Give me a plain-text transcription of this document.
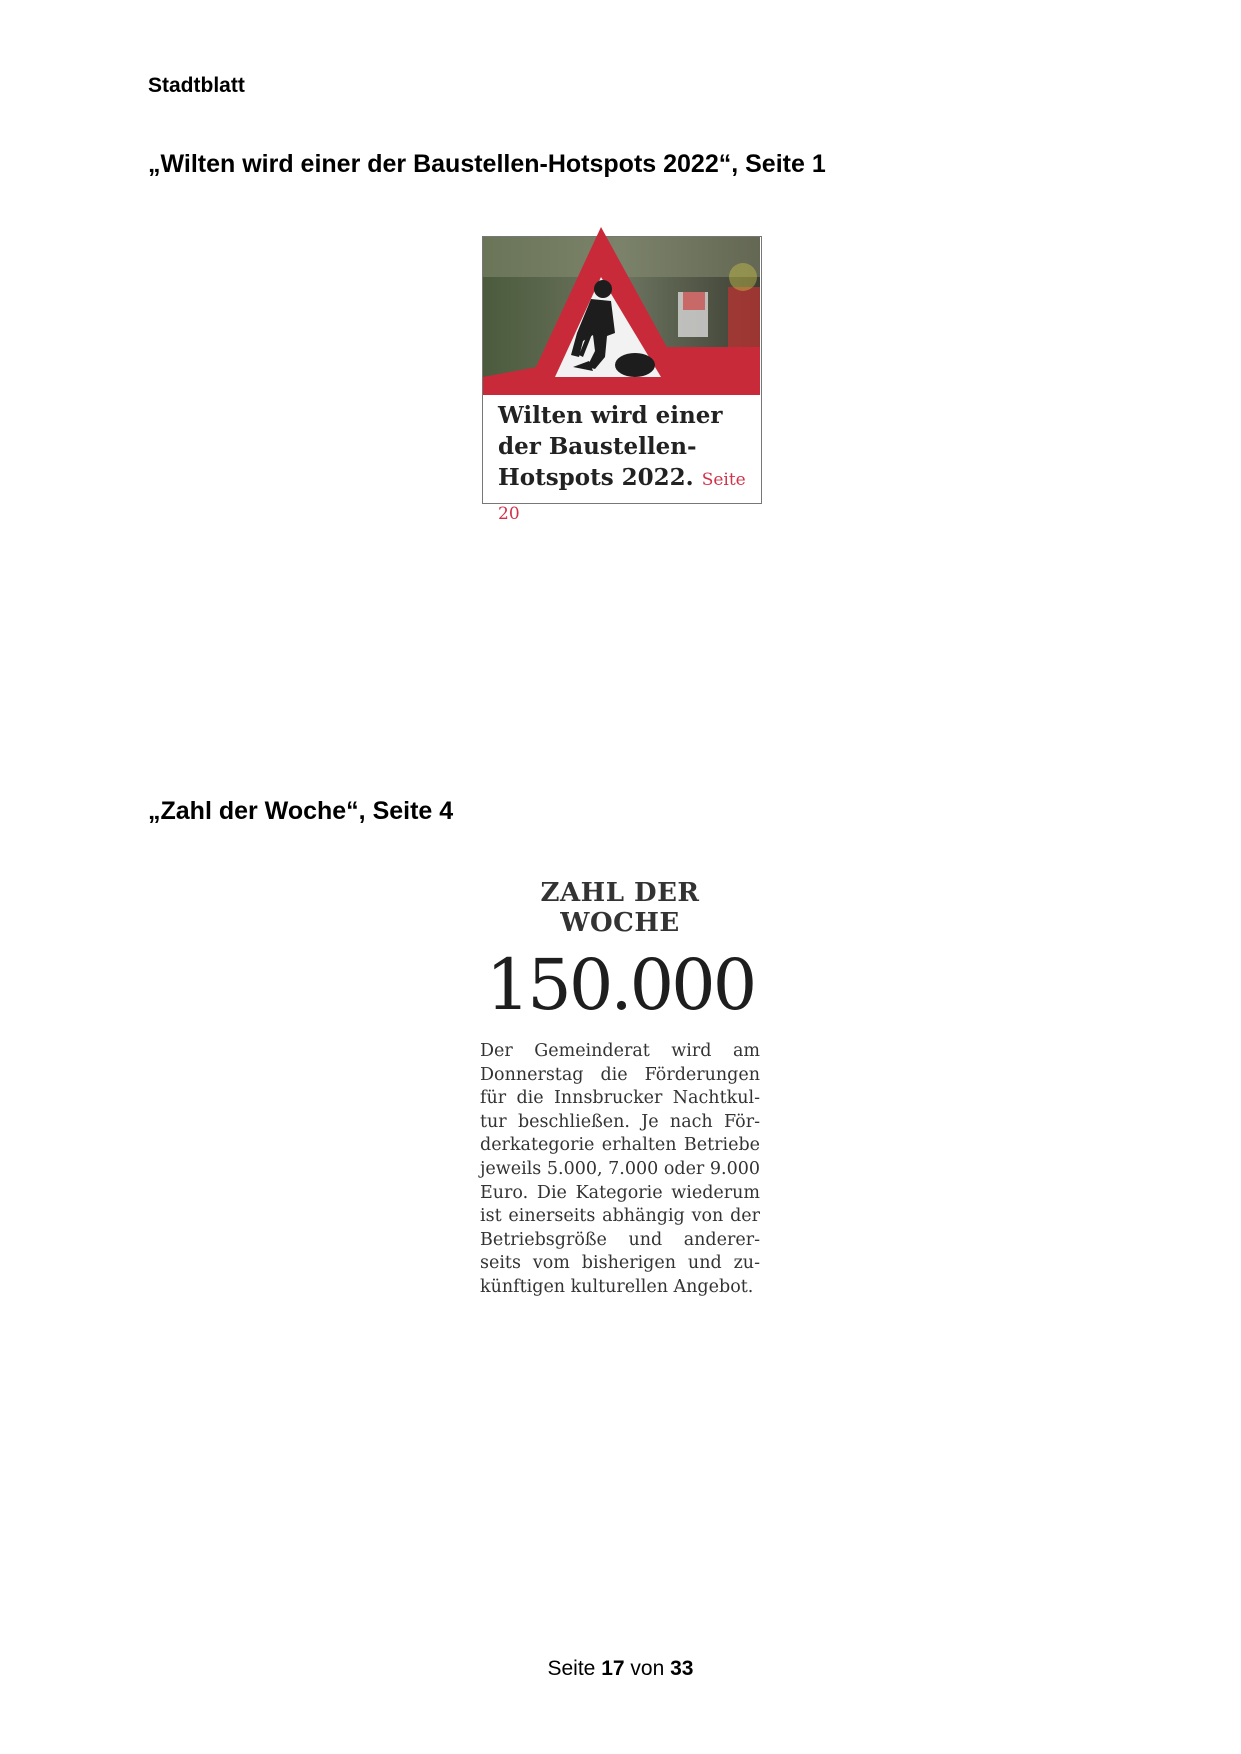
Stadtblatt
„Wilten wird einer der Baustellen-Hotspots 2022“, Seite 1
Wilten wird einer der Baustellen-Hotspots 2022. Seite 20
„Zahl der Woche“, Seite 4
ZAHL DER WOCHE
150.000
Der Gemeinderat wird am Donnerstag die Förderungen für die Innsbrucker Nachtkultur beschließen. Je nach Förderkategorie erhalten Betriebe jeweils 5.000, 7.000 oder 9.000 Euro. Die Kategorie wiederum ist einerseits abhängig von der Betriebsgröße und andererseits vom bisherigen und zukünftigen kulturellen Angebot.
Seite 17 von 33
